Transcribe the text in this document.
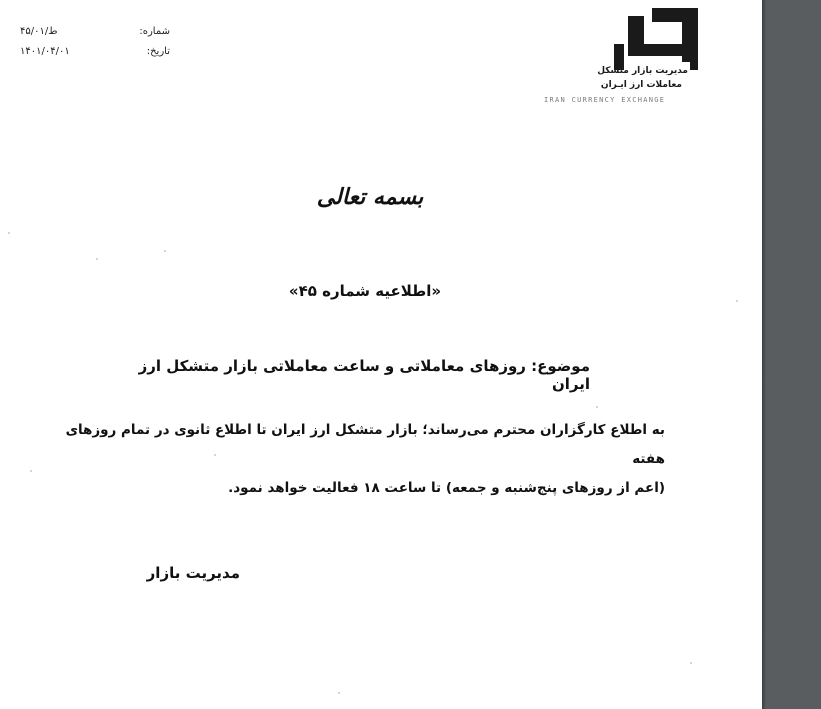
شماره:
۴۵/ط/۰۱
تاریخ:
۱۴۰۱/۰۴/۰۱
مدیریت بازار متشکل
معاملات ارز ایـران
IRAN CURRENCY EXCHANGE
بسمه تعالی
«اطلاعیه شماره ۴۵»
موضوع: روزهای معاملاتی و ساعت معاملاتی بازار متشکل ارز ایران

به اطلاع کارگزاران محترم می‌رساند؛ بازار متشکل ارز ایران تا اطلاع ثانوی در تمام روزهای هفته

(اعم از روزهای پنج‌شنبه و جمعه) تا ساعت ۱۸ فعالیت خواهد نمود.

مدیریت بازار
